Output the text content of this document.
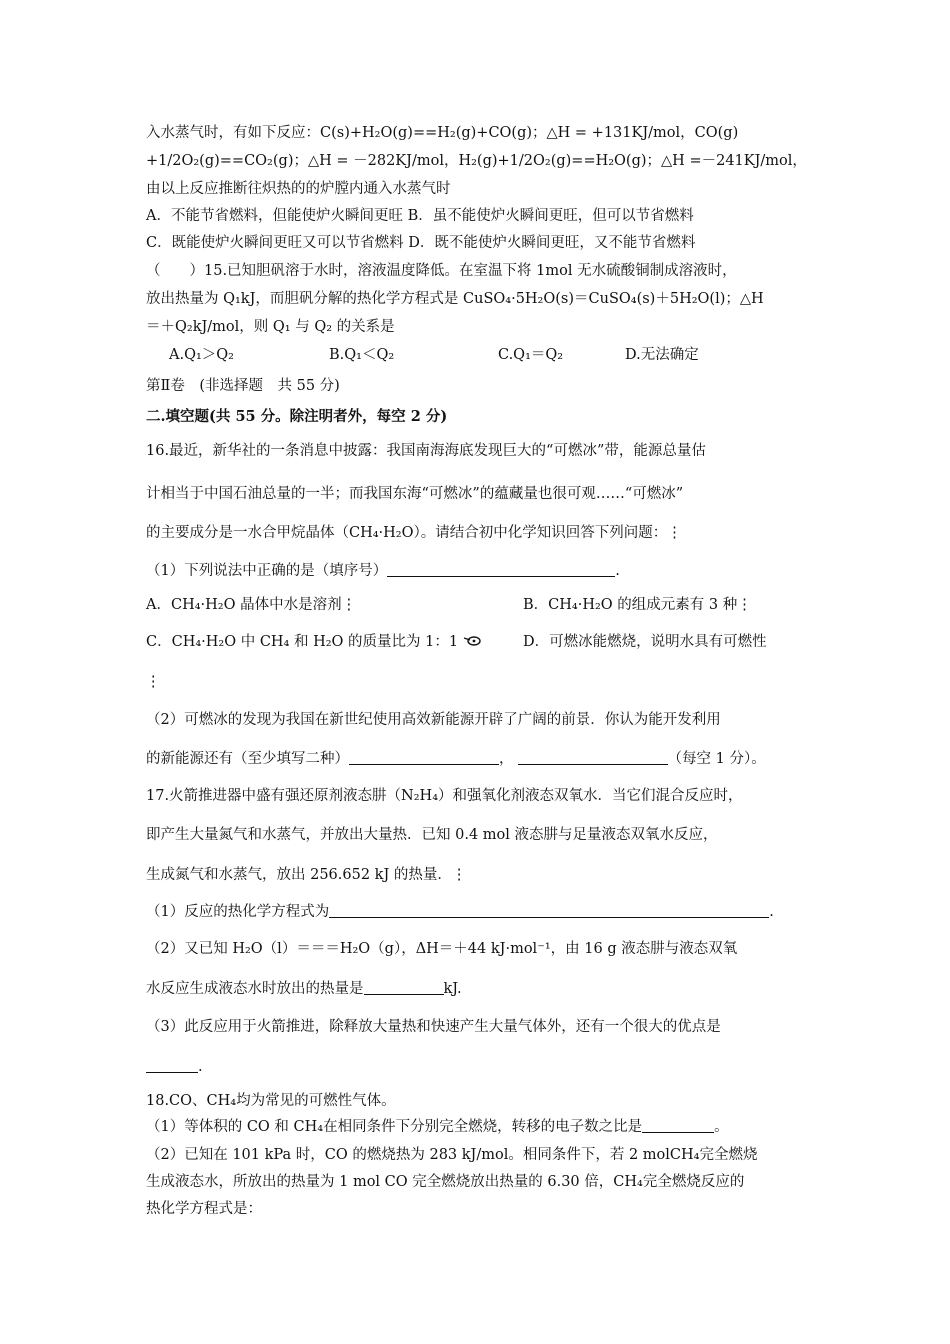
入水蒸气时，有如下反应：C(s)+H₂O(g)==H₂(g)+CO(g)；△H = +131KJ/mol，CO(g)
+1/2O₂(g)==CO₂(g)；△H = －282KJ/mol，H₂(g)+1/2O₂(g)==H₂O(g)；△H =－241KJ/mol，
由以上反应推断往炽热的的炉膛内通入水蒸气时
A．不能节省燃料，但能使炉火瞬间更旺 B．虽不能使炉火瞬间更旺，但可以节省燃料
C．既能使炉火瞬间更旺又可以节省燃料 D．既不能使炉火瞬间更旺，又不能节省燃料
（　　）15.已知胆矾溶于水时，溶液温度降低。在室温下将 1mol 无水硫酸铜制成溶液时，
放出热量为 Q₁kJ，而胆矾分解的热化学方程式是 CuSO₄·5H₂O(s)＝CuSO₄(s)＋5H₂O(l)；△H
＝＋Q₂kJ/mol，则 Q₁ 与 Q₂ 的关系是
A.Q₁＞Q₂	B.Q₁＜Q₂	C.Q₁＝Q₂	D.无法确定
第Ⅱ卷　(非选择题　共 55 分)
二.填空题(共 55 分。除注明者外，每空 2 分)
16.最近，新华社的一条消息中披露：我国南海海底发现巨大的“可燃冰”带，能源总量估
计相当于中国石油总量的一半；而我国东海“可燃冰”的蕴藏量也很可观……“可燃冰”
的主要成分是一水合甲烷晶体（CH₄·H₂O）。请结合初中化学知识回答下列问题：⋮
（1）下列说法中正确的是（填序号）	.
A．CH₄·H₂O 晶体中水是溶剂⋮	B．CH₄·H₂O 的组成元素有 3 种⋮
C．CH₄·H₂O 中 CH₄ 和 H₂O 的质量比为 1：1	D．可燃冰能燃烧，说明水具有可燃性
⋮
（2）可燃冰的发现为我国在新世纪使用高效新能源开辟了广阔的前景．你认为能开发利用
的新能源还有（至少填写二种）	，	（每空 1 分）。
17.火箭推进器中盛有强还原剂液态肼（N₂H₄）和强氧化剂液态双氧水．当它们混合反应时，
即产生大量氮气和水蒸气，并放出大量热．已知 0.4 mol 液态肼与足量液态双氧水反应，
生成氮气和水蒸气，放出 256.652 kJ 的热量．⋮
（1）反应的热化学方程式为	.
（2）又已知 H₂O（l）＝＝＝H₂O（g），ΔH＝＋44 kJ·mol⁻¹，由 16 g 液态肼与液态双氧
水反应生成液态水时放出的热量是	kJ.
（3）此反应用于火箭推进，除释放大量热和快速产生大量气体外，还有一个很大的优点是
.
18.CO、CH₄均为常见的可燃性气体。
（1）等体积的 CO 和 CH₄在相同条件下分别完全燃烧，转移的电子数之比是	。
（2）已知在 101 kPa 时，CO 的燃烧热为 283 kJ/mol。相同条件下，若 2 molCH₄完全燃烧
生成液态水，所放出的热量为 1 mol CO 完全燃烧放出热量的 6.30 倍，CH₄完全燃烧反应的
热化学方程式是：
